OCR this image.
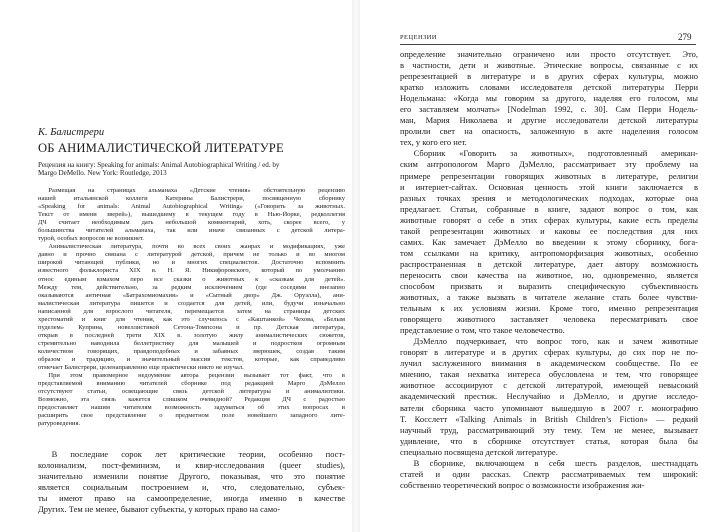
К. Балистрери
ОБ АНИМАЛИСТИЧЕСКОЙ ЛИТЕРАТУРЕ
Рецензия на книгу: Speaking for animals: Animal Autobiographical Writing / ed. by
Margo DeMello. New York: Routledge, 2013
Размещая на страницах альманаха «Детские чтения» обстоятельную рецензию
нашей итальянской коллеги Катерины Балистрери, посвященную сборнику
«Speaking for animals: Animal Autobiographical Writing» («Говорить за животных.
Текст от имени зверей»), вышедшему в текущем году в Нью-Йорке, редколлегия
ДЧ считает необходимым дать небольшой комментарий, хоть, скорее всего, у
большинства читателей альманаха, так или иначе связанных с детской литера-
турой, особых вопросов не возникнет.
Анималистическая литература, почти во всех своих жанрах и модификациях, уже
давно и прочно связана с литературой детской, причем не только и во многом
широкой читающей публики, но и многих специалистов. Достаточно вспомнить
известного фольклориста XIX в. Н. Я. Никифоровского, который по умолчанию
относ единым взмахом перо все сказки о животных к «сказкам для детей».
Между тем, действительно, за редким исключением (где соседями внезапно
оказываются античная «Батрахомиомахия» и «Сытный двор» Дж. Оруэлла), ани-
малистическая литература пишется и создается для детей, или, будучи изначально
написанной для взрослого читателя, перемещается затем на страницы детских
хрестоматий и книг для чтения, как это случилось с «Каштанкой» Чехова, «Белым
пуделем» Куприна, новеллистикой Сетона-Томпсона и пр. Детская литература,
открыв в последней трети XIX в. золотую жилу анималистических сюжетов,
стремительно наводнила беллетристику для малышей и подростков огромным
количеством говорящих, правдоподобных и забавных зверюшек, создав таким
образом и традицию, и значительный массив текстов, которые, как справедливо
отмечает Балистрери, целенаправленно еще практически никто не изучал.
При этом правомерное недоумение автора рецензии вызывает тот факт, что в
представляемой вниманию читателей сборнике под редакцией Марго ДэМелло
отсутствуют статьи, освещающие связь детской литературы и анимализтики.
Возможно, эта связь кажется слишком очевидной? Редакция ДЧ с радостью
предоставляет нашим читателям возможность задуматься об этих вопросах и
расширить свое представление о предметном поле новейшего западного лите-
ратуроведения.
В последние сорок лет критические теории, особенно пост-
колониализм, пост-феминизм, и квир-исследования (queer studies),
значительно изменили понятие Другого, показывая, что это понятие
является социальным построением и, что, следовательно, субъек-
ты имеют право на самоопределение, иногда именно в качестве
Других. Тем не менее, бывают субъекты, у которых право на само-
РЕЦЕНЗИИ	279
определение значительно ограничено или просто отсутствует. Это,
в частности, дети и животные. Этические вопросы, связанные с их
репрезентацией в литературе и в других сферах культуры, можно
кратко изложить словами исследователя детской литературы Перри
Нодельмана: «Когда мы говорим за другого, наделяя его голосом, мы
его заставляем молчать» [Nodelman 1992, с. 30]. Сам Перри Нодель-
ман, Мария Николаева и другие исследователи детской литературы
пролили свет на опасность, заложенную в акте наделения голосом
тех, у кого его нет.
Сборник «Говорить за животных», подготовленный американ-
ским антропологом Марго ДэМелло, рассматривает эту проблему на
примере репрезентации говорящих животных в литературе, религии
и интернет-сайтах. Основная ценность этой книги заключается в
разных точках зрения и методологических подходах, которые она
предлагает. Статьи, собранные в книге, задают вопрос о том, как
животные говорят о себе в этих сферах культуры, какие есть пределы
такой репрезентации животных и каковы ее последствия для них
самих. Как замечает ДэМелло во введении к этому сборнику, бога-
том ссылками на критику, антропоморфизация животных, особенно
распространенная в детской литературе, дает автору возможность
переносить свои качества на животное, но, одновременно, является
способом призвать и выразить специфическую субъективность
животных, а также вызвать в читателе желание стать более чувстви-
тельным к их условиям жизни. Кроме того, именно репрезентация
говорящего животного заставляет человека пересматривать свое
представление о том, что такое человечество.
ДэМелло подчеркивает, что вопрос того, как и зачем животные
говорят в литературе и в других сферах культуры, до сих пор не по-
лучил заслуженного внимания в академическом сообществе. По ее
мнению, такая нехватка интереса обусловлена и тем, что говорящее
животное ассоциируют с детской литературой, имеющей невысокий
академический престиж. Неслучайно и ДэМелло, и другие исследо-
ватели сборника часто упоминают вышедшую в 2007 г. монографию
Т. Косслетт «Talking Animals in British Children’s Fiction» — редкий
научный труд, рассматривающий эту тему. Тем не менее, вызывает
удивление, что в сборнике отсутствует статья, которая была бы
специально посвящена детской литературе.
В сборнике, включающем в себя шесть разделов, шестнадцать
статей и один рассказ. Спектр рассматриваемых тем широкий:
собственно теоретический вопрос о возможности изображения жи-
